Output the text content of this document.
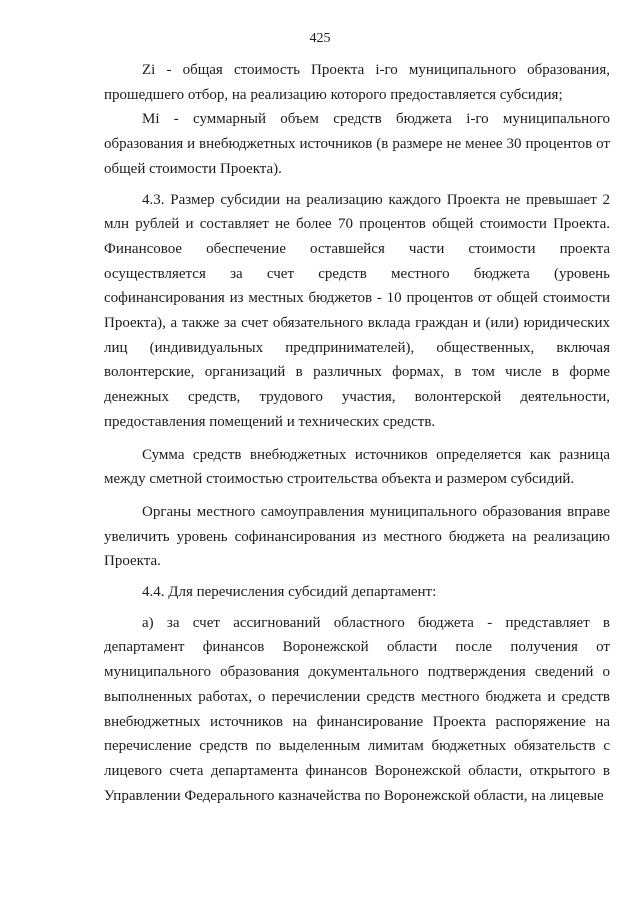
425

Zi - общая стоимость Проекта i-го муниципального образования, прошедшего отбор, на реализацию которого предоставляется субсидия;

Mi - суммарный объем средств бюджета i-го муниципального образования и внебюджетных источников (в размере не менее 30 процентов от общей стоимости Проекта).

4.3. Размер субсидии на реализацию каждого Проекта не превышает 2 млн рублей и составляет не более 70 процентов общей стоимости Проекта. Финансовое обеспечение оставшейся части стоимости проекта осуществляется за счет средств местного бюджета (уровень софинансирования из местных бюджетов - 10 процентов от общей стоимости Проекта), а также за счет обязательного вклада граждан и (или) юридических лиц (индивидуальных предпринимателей), общественных, включая волонтерские, организаций в различных формах, в том числе в форме денежных средств, трудового участия, волонтерской деятельности, предоставления помещений и технических средств.

Сумма средств внебюджетных источников определяется как разница между сметной стоимостью строительства объекта и размером субсидий.

Органы местного самоуправления муниципального образования вправе увеличить уровень софинансирования из местного бюджета на реализацию Проекта.

4.4. Для перечисления субсидий департамент:

а) за счет ассигнований областного бюджета - представляет в департамент финансов Воронежской области после получения от муниципального образования документального подтверждения сведений о выполненных работах, о перечислении средств местного бюджета и средств внебюджетных источников на финансирование Проекта распоряжение на перечисление средств по выделенным лимитам бюджетных обязательств с лицевого счета департамента финансов Воронежской области, открытого в Управлении Федерального казначейства по Воронежской области, на лицевые
